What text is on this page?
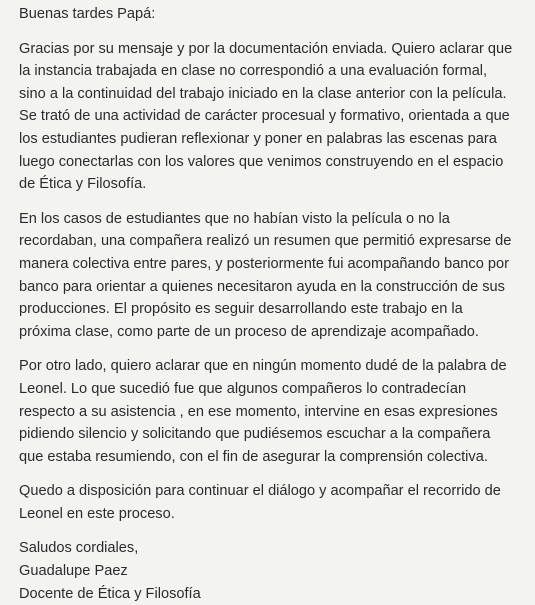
Buenas tardes Papá:
Gracias por su mensaje y por la documentación enviada. Quiero aclarar que
la instancia trabajada en clase no correspondió a una evaluación formal,
sino a la continuidad del trabajo iniciado en la clase anterior con la película.
Se trató de una actividad de carácter procesual y formativo, orientada a que
los estudiantes pudieran reflexionar y poner en palabras las escenas para
luego conectarlas con los valores que venimos construyendo en el espacio
de Ética y Filosofía.
En los casos de estudiantes que no habían visto la película o no la
recordaban, una compañera realizó un resumen que permitió expresarse de
manera colectiva entre pares, y posteriormente fui acompañando banco por
banco para orientar a quienes necesitaron ayuda en la construcción de sus
producciones. El propósito es seguir desarrollando este trabajo en la
próxima clase, como parte de un proceso de aprendizaje acompañado.
Por otro lado, quiero aclarar que en ningún momento dudé de la palabra de
Leonel. Lo que sucedió fue que algunos compañeros lo contradecían
respecto a su asistencia , en ese momento, intervine en esas expresiones
pidiendo silencio y solicitando que pudiésemos escuchar a la compañera
que estaba resumiendo, con el fin de asegurar la comprensión colectiva.
Quedo a disposición para continuar el diálogo y acompañar el recorrido de
Leonel en este proceso.
Saludos cordiales,
Guadalupe Paez
Docente de Ética y Filosofía
